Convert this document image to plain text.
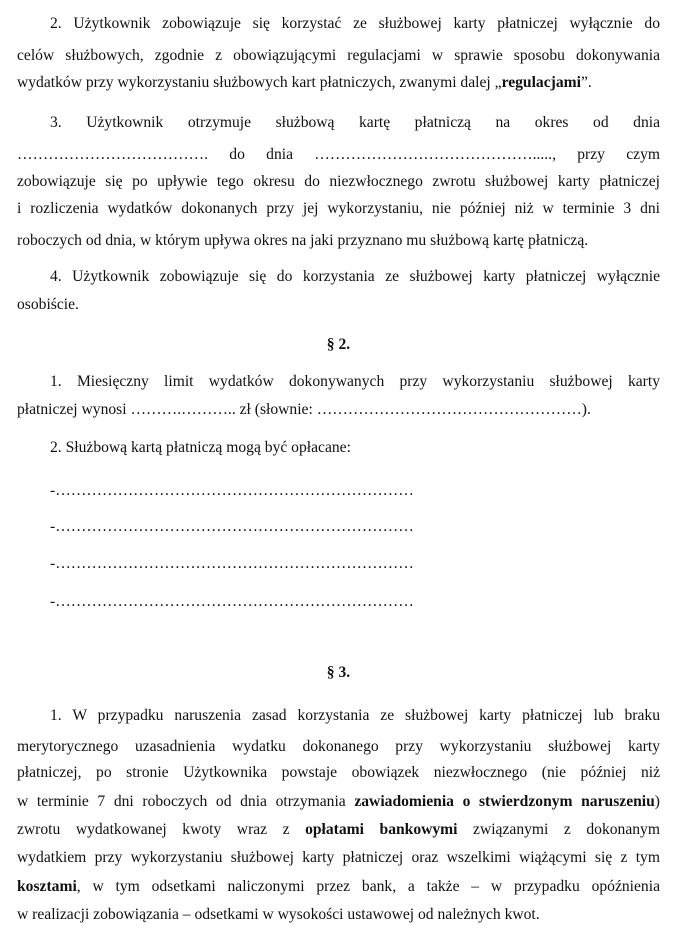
2. Użytkownik zobowiązuje się korzystać ze służbowej karty płatniczej wyłącznie do
celów służbowych, zgodnie z obowiązującymi regulacjami w sprawie sposobu dokonywania
wydatków przy wykorzystaniu służbowych kart płatniczych, zwanymi dalej „regulacjami”.
3. Użytkownik otrzymuje służbową kartę płatniczą na okres od dnia
………………………………. do dnia ……………………………………....., przy czym
zobowiązuje się po upływie tego okresu do niezwłocznego zwrotu służbowej karty płatniczej
i rozliczenia wydatków dokonanych przy jej wykorzystaniu, nie później niż w terminie 3 dni
roboczych od dnia, w którym upływa okres na jaki przyznano mu służbową kartę płatniczą.
4. Użytkownik zobowiązuje się do korzystania ze służbowej karty płatniczej wyłącznie
osobiście.
§ 2.
1. Miesięczny limit wydatków dokonywanych przy wykorzystaniu służbowej karty
płatniczej wynosi ……….……….. zł (słownie: ……………………………………………).
2. Służbową kartą płatniczą mogą być opłacane:
-……………………………………………………………
-……………………………………………………………
-……………………………………………………………
-……………………………………………………………
§ 3.
1. W przypadku naruszenia zasad korzystania ze służbowej karty płatniczej lub braku
merytorycznego uzasadnienia wydatku dokonanego przy wykorzystaniu służbowej karty
płatniczej, po stronie Użytkownika powstaje obowiązek niezwłocznego (nie później niż
w terminie 7 dni roboczych od dnia otrzymania zawiadomienia o stwierdzonym naruszeniu)
zwrotu wydatkowanej kwoty wraz z opłatami bankowymi związanymi z dokonanym
wydatkiem przy wykorzystaniu służbowej karty płatniczej oraz wszelkimi wiążącymi się z tym
kosztami, w tym odsetkami naliczonymi przez bank, a także – w przypadku opóźnienia
w realizacji zobowiązania – odsetkami w wysokości ustawowej od należnych kwot.
